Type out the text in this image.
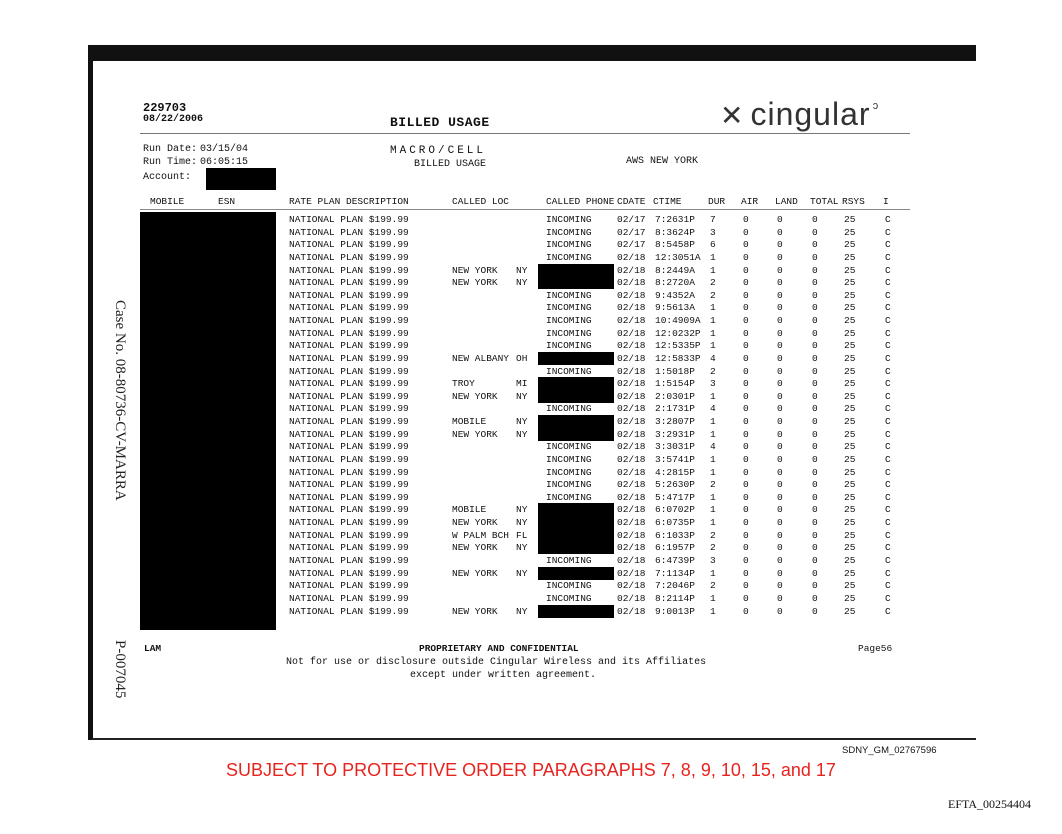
229703
08/22/2006	BILLED USAGE	✕ cingular $^ᵓ$
Run Date: 03/15/04
Run Time: 06:05:15
Account:
MACRO/CELL
BILLED USAGE	AWS NEW YORK
MOBILE	ESN	RATE PLAN DESCRIPTION	CALLED LOC	CALLED PHONE CDATE CTIME	DUR AIR LAND TOTAL RSYS I
NATIONAL PLAN $199.99	INCOMING	02/17 7:2631P 7	0	0	0	25	C
NATIONAL PLAN $199.99	INCOMING	02/17 8:3624P 3	0	0	0	25	C
NATIONAL PLAN $199.99	INCOMING	02/17 8:5458P 6	0	0	0	25	C
NATIONAL PLAN $199.99	INCOMING	02/18 12:3051A 1	0	0	0	25	C
NATIONAL PLAN $199.99	NEW YORK NY	02/18 8:2449A 1	0	0	0	25	C
NATIONAL PLAN $199.99	NEW YORK NY	02/18 8:2720A 2	0	0	0	25	C
NATIONAL PLAN $199.99	INCOMING	02/18 9:4352A 2	0	0	0	25	C
NATIONAL PLAN $199.99	INCOMING	02/18 9:5613A 1	0	0	0	25	C
NATIONAL PLAN $199.99	INCOMING	02/18 10:4909A 1	0	0	0	25	C
NATIONAL PLAN $199.99	INCOMING	02/18 12:0232P 1	0	0	0	25	C
NATIONAL PLAN $199.99	INCOMING	02/18 12:5335P 1	0	0	0	25	C
NATIONAL PLAN $199.99	NEW ALBANY OH	02/18 12:5833P 4	0	0	0	25	C
NATIONAL PLAN $199.99	INCOMING	02/18 1:5018P 2	0	0	0	25	C
NATIONAL PLAN $199.99	TROY	MI	02/18 1:5154P 3	0	0	0	25	C
NATIONAL PLAN $199.99	NEW YORK NY	02/18 2:0301P 1	0	0	0	25	C
NATIONAL PLAN $199.99	INCOMING	02/18 2:1731P 4	0	0	0	25	C
NATIONAL PLAN $199.99	MOBILE	NY	02/18 3:2807P 1	0	0	0	25	C
NATIONAL PLAN $199.99	NEW YORK NY	02/18 3:2931P 1	0	0	0	25	C
NATIONAL PLAN $199.99	INCOMING	02/18 3:3031P 4	0	0	0	25	C
NATIONAL PLAN $199.99	INCOMING	02/18 3:5741P 1	0	0	0	25	C
NATIONAL PLAN $199.99	INCOMING	02/18 4:2815P 1	0	0	0	25	C
NATIONAL PLAN $199.99	INCOMING	02/18 5:2630P 2	0	0	0	25	C
NATIONAL PLAN $199.99	INCOMING	02/18 5:4717P 1	0	0	0	25	C
NATIONAL PLAN $199.99	MOBILE	NY	02/18 6:0702P 1	0	0	0	25	C
NATIONAL PLAN $199.99	NEW YORK NY	02/18 6:0735P 1	0	0	0	25	C
NATIONAL PLAN $199.99	W PALM BCH FL	02/18 6:1033P 2	0	0	0	25	C
NATIONAL PLAN $199.99	NEW YORK NY	02/18 6:1957P 2	0	0	0	25	C
NATIONAL PLAN $199.99	INCOMING	02/18 6:4739P 3	0	0	0	25	C
NATIONAL PLAN $199.99	NEW YORK NY	02/18 7:1134P 1	0	0	0	25	C
NATIONAL PLAN $199.99	INCOMING	02/18 7:2046P 2	0	0	0	25	C
NATIONAL PLAN $199.99	INCOMING	02/18 8:2114P 1	0	0	0	25	C
NATIONAL PLAN $199.99	NEW YORK NY	02/18 9:0013P 1	0	0	0	25	C
LAM	PROPRIETARY AND CONFIDENTIAL	Page56
Not for use or disclosure outside Cingular Wireless and its Affiliates
except under written agreement.
Case No. 08-80736-CV-MARRA
P-007045
SDNY_GM_02767596
SUBJECT TO PROTECTIVE ORDER PARAGRAPHS 7, 8, 9, 10, 15, and 17
EFTA_00254404
